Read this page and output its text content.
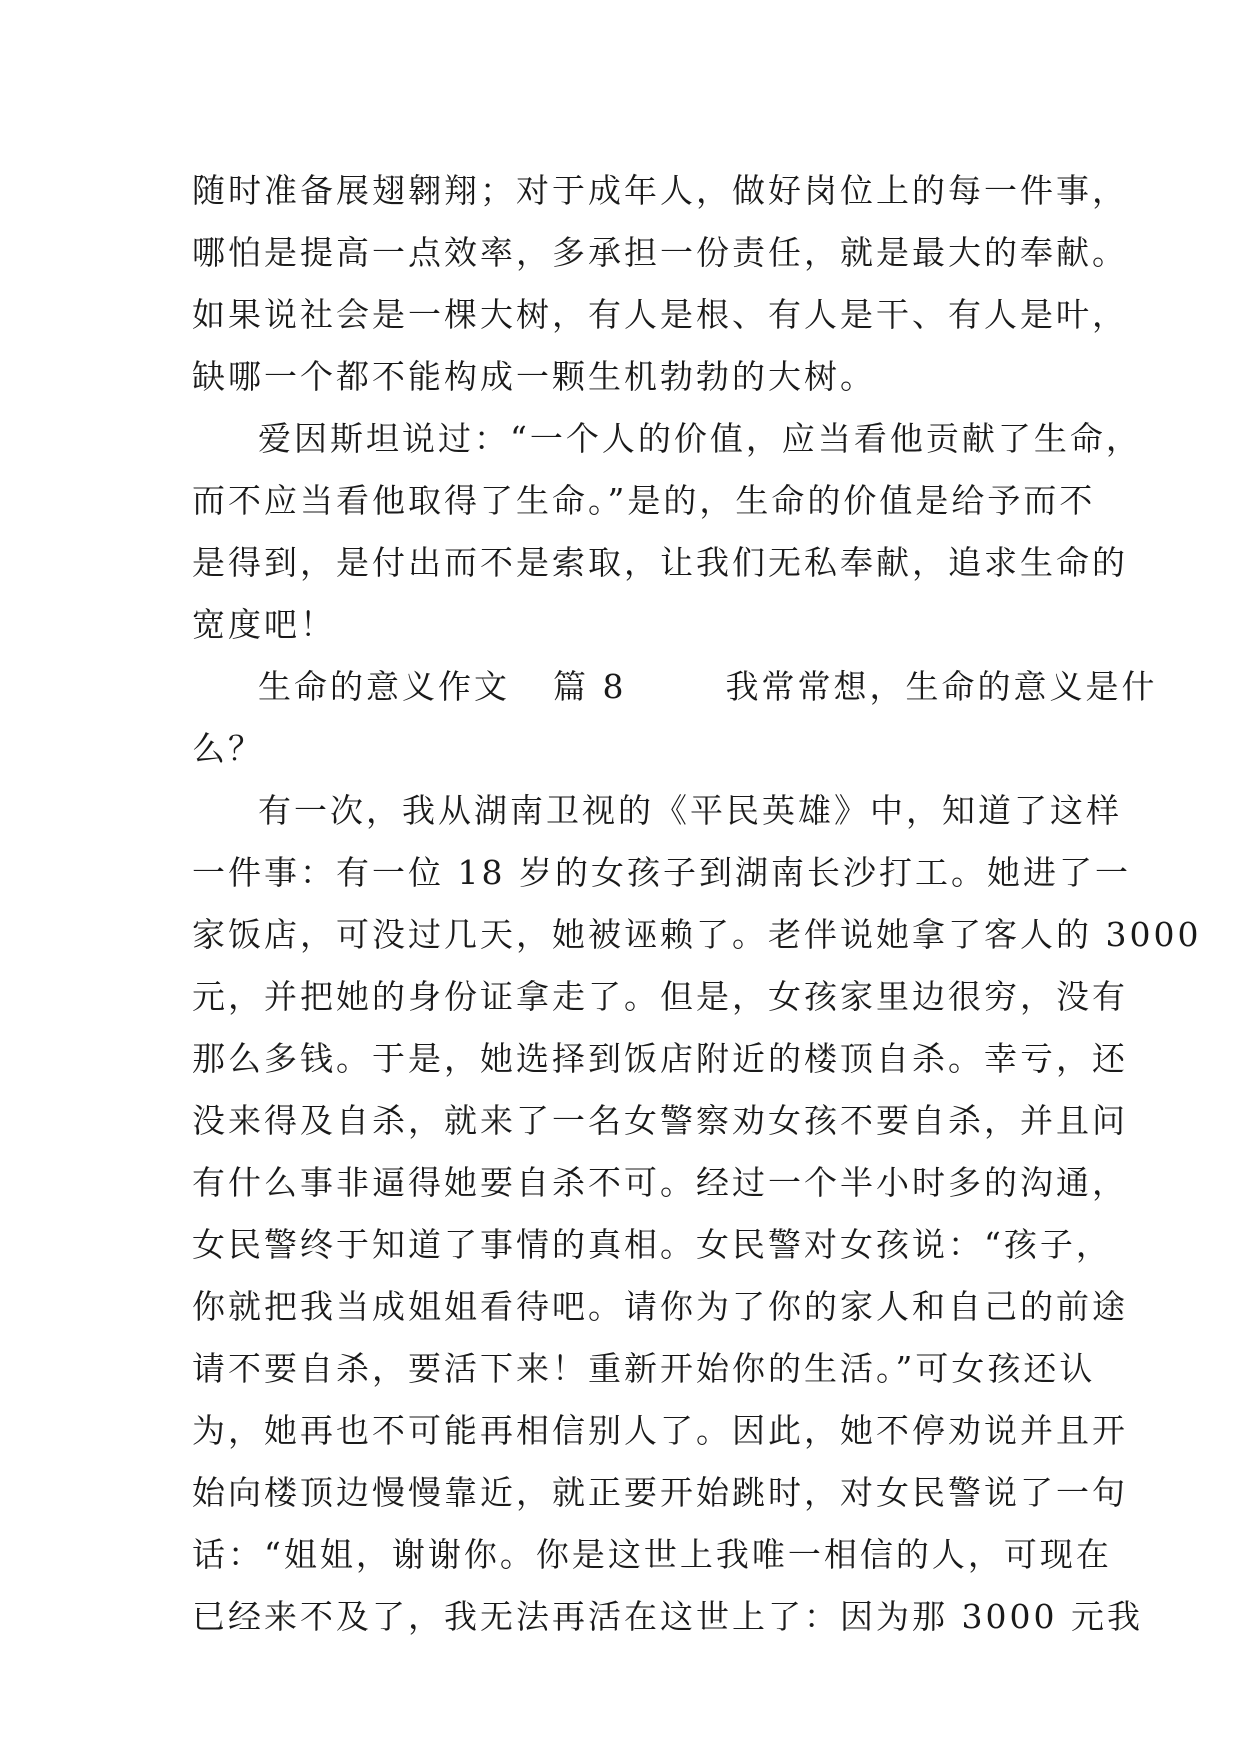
随时准备展翅翱翔；对于成年人，做好岗位上的每一件事，
哪怕是提高一点效率，多承担一份责任，就是最大的奉献。
如果说社会是一棵大树，有人是根、有人是干、有人是叶，
缺哪一个都不能构成一颗生机勃勃的大树。
爱因斯坦说过：“一个人的价值，应当看他贡献了生命，
而不应当看他取得了生命。”是的，生命的价值是给予而不
是得到，是付出而不是索取，让我们无私奉献，追求生命的
宽度吧！
生命的意义作文 篇 8	我常常想，生命的意义是什
么？
有一次，我从湖南卫视的《平民英雄》中，知道了这样
一件事：有一位 18 岁的女孩子到湖南长沙打工。她进了一
家饭店，可没过几天，她被诬赖了。老伴说她拿了客人的 3000
元，并把她的身份证拿走了。但是，女孩家里边很穷，没有
那么多钱。于是，她选择到饭店附近的楼顶自杀。幸亏，还
没来得及自杀，就来了一名女警察劝女孩不要自杀，并且问
有什么事非逼得她要自杀不可。经过一个半小时多的沟通，
女民警终于知道了事情的真相。女民警对女孩说：“孩子，
你就把我当成姐姐看待吧。请你为了你的家人和自己的前途
请不要自杀，要活下来！重新开始你的生活。”可女孩还认
为，她再也不可能再相信别人了。因此，她不停劝说并且开
始向楼顶边慢慢靠近，就正要开始跳时，对女民警说了一句
话：“姐姐，谢谢你。你是这世上我唯一相信的人，可现在
已经来不及了，我无法再活在这世上了：因为那 3000 元我
